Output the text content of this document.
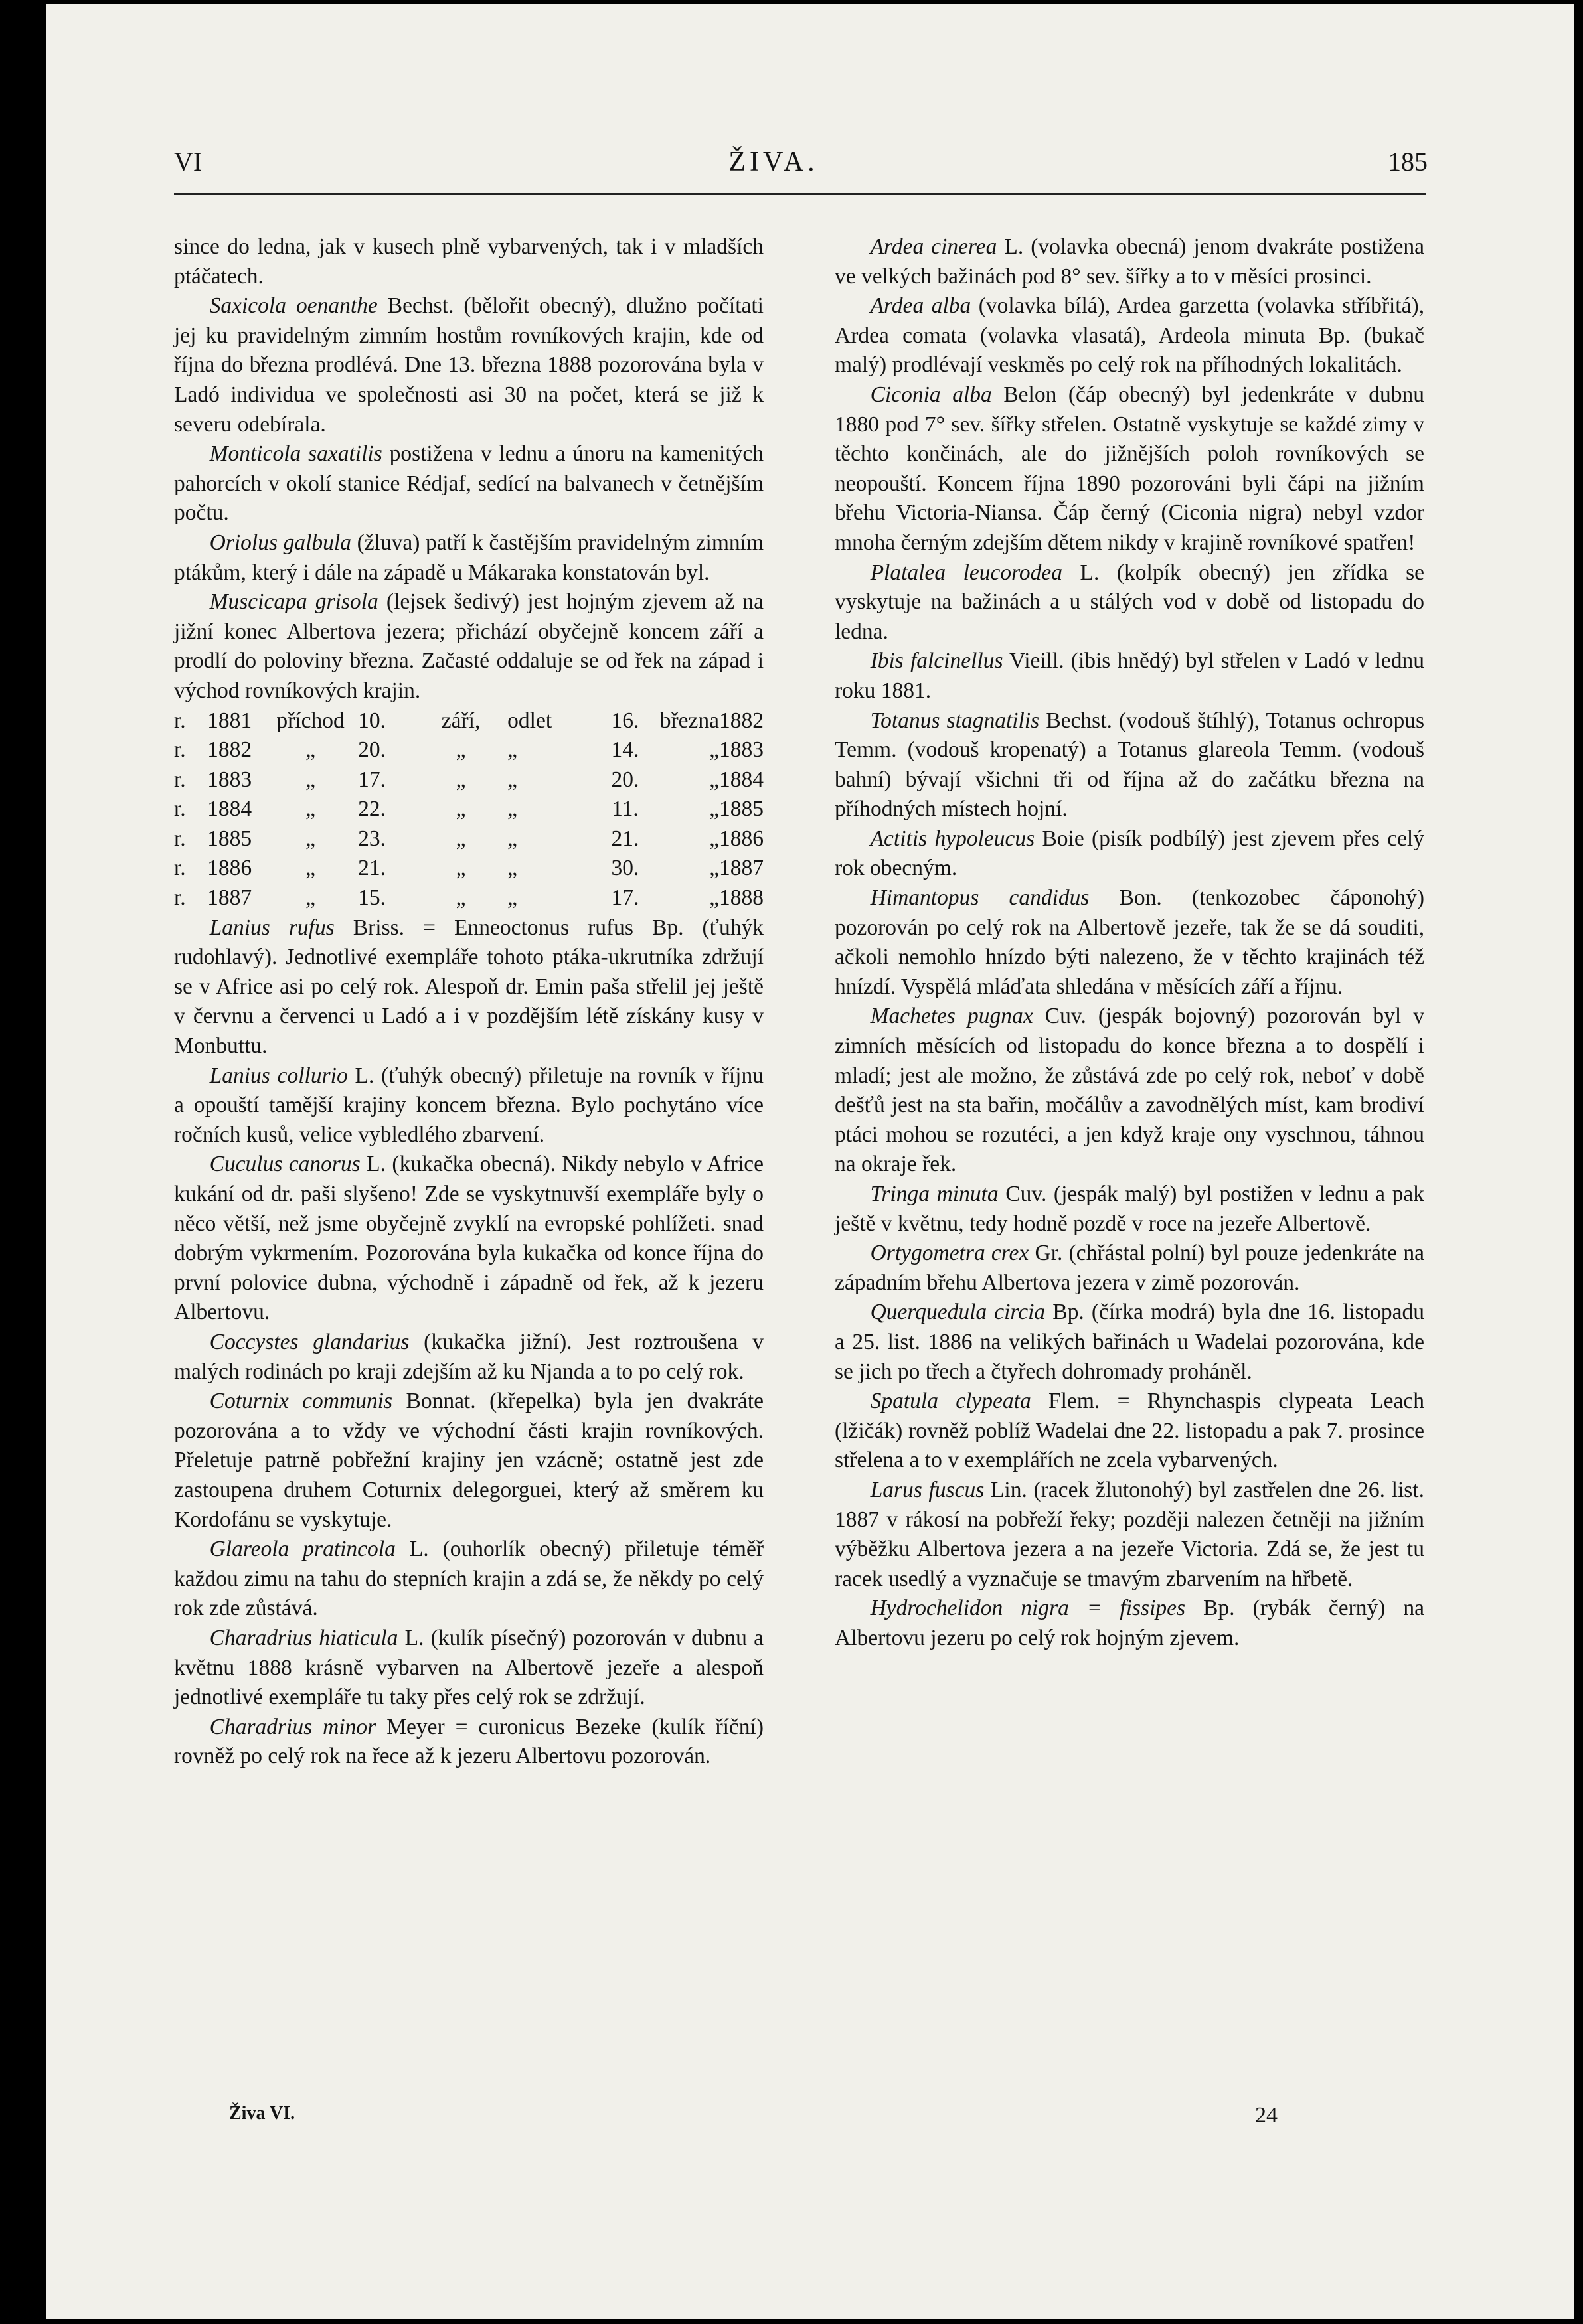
VI	ŽIVA.	185

since do ledna, jak v kusech plně vybarvených, tak i v mladších ptáčatech.

Saxicola oenanthe Bechst. (bělořit obecný), dlužno počítati jej ku pravidelným zimním hostům rovníkových krajin, kde od října do března prodlévá. Dne 13. března 1888 pozorována byla v Ladó individua ve společnosti asi 30 na počet, která se již k severu odebírala.

Monticola saxatilis postižena v lednu a únoru na kamenitých pahorcích v okolí stanice Rédjaf, sedící na balvanech v četnějším počtu.

Oriolus galbula (žluva) patří k častějším pravidelným zimním ptákům, který i dále na západě u Mákaraka konstatován byl.

Muscicapa grisola (lejsek šedivý) jest hojným zjevem až na jižní konec Albertova jezera; přichází obyčejně koncem září a prodlí do poloviny března. Začasté oddaluje se od řek na západ i východ rovníkových krajin.

r.	1881	příchod	10.	září,	odlet	16.	března	1882
r.	1882	„	20.	„	„	14.	„	1883
r.	1883	„	17.	„	„	20.	„	1884
r.	1884	„	22.	„	„	11.	„	1885
r.	1885	„	23.	„	„	21.	„	1886
r.	1886	„	21.	„	„	30.	„	1887
r.	1887	„	15.	„	„	17.	„	1888

Lanius rufus Briss. = Enneoctonus rufus Bp. (ťuhýk rudohlavý). Jednotlivé exempláře tohoto ptáka-ukrutníka zdržují se v Africe asi po celý rok. Alespoň dr. Emin paša střelil jej ještě v červnu a červenci u Ladó a i v pozdějším létě získány kusy v Monbuttu.

Lanius collurio L. (ťuhýk obecný) přiletuje na rovník v říjnu a opouští tamější krajiny koncem března. Bylo pochytáno více ročních kusů, velice vybledlého zbarvení.

Cuculus canorus L. (kukačka obecná). Nikdy nebylo v Africe kukání od dr. paši slyšeno! Zde se vyskytnuvší exempláře byly o něco větší, než jsme obyčejně zvyklí na evropské pohlížeti. snad dobrým vykrmením. Pozorována byla kukačka od konce října do první polovice dubna, východně i západně od řek, až k jezeru Albertovu.

Coccystes glandarius (kukačka jižní). Jest roztroušena v malých rodinách po kraji zdejším až ku Njanda a to po celý rok.

Coturnix communis Bonnat. (křepelka) byla jen dvakráte pozorována a to vždy ve východní části krajin rovníkových. Přeletuje patrně pobřežní krajiny jen vzácně; ostatně jest zde zastoupena druhem Coturnix delegorguei, který až směrem ku Kordofánu se vyskytuje.

Glareola pratincola L. (ouhorlík obecný) přiletuje téměř každou zimu na tahu do stepních krajin a zdá se, že někdy po celý rok zde zůstává.

Charadrius hiaticula L. (kulík písečný) pozorován v dubnu a květnu 1888 krásně vybarven na Albertově jezeře a alespoň jednotlivé exempláře tu taky přes celý rok se zdržují.

Charadrius minor Meyer = curonicus Bezeke (kulík říční) rovněž po celý rok na řece až k jezeru Albertovu pozorován.

Ardea cinerea L. (volavka obecná) jenom dvakráte postižena ve velkých bažinách pod 8° sev. šířky a to v měsíci prosinci.

Ardea alba (volavka bílá), Ardea garzetta (volavka stříbřitá), Ardea comata (volavka vlasatá), Ardeola minuta Bp. (bukač malý) prodlévají veskměs po celý rok na příhodných lokalitách.

Ciconia alba Belon (čáp obecný) byl jedenkráte v dubnu 1880 pod 7° sev. šířky střelen. Ostatně vyskytuje se každé zimy v těchto končinách, ale do jižnějších poloh rovníkových se neopouští. Koncem října 1890 pozorováni byli čápi na jižním břehu Victoria-Niansa. Čáp černý (Ciconia nigra) nebyl vzdor mnoha černým zdejším dětem nikdy v krajině rovníkové spatřen!

Platalea leucorodea L. (kolpík obecný) jen zřídka se vyskytuje na bažinách a u stálých vod v době od listopadu do ledna.

Ibis falcinellus Vieill. (ibis hnědý) byl střelen v Ladó v lednu roku 1881.

Totanus stagnatilis Bechst. (vodouš štíhlý), Totanus ochropus Temm. (vodouš kropenatý) a Totanus glareola Temm. (vodouš bahní) bývají všichni tři od října až do začátku března na příhodných místech hojní.

Actitis hypoleucus Boie (pisík podbílý) jest zjevem přes celý rok obecným.

Himantopus candidus Bon. (tenkozobec čáponohý) pozorován po celý rok na Albertově jezeře, tak že se dá souditi, ačkoli nemohlo hnízdo býti nalezeno, že v těchto krajinách též hnízdí. Vyspělá mláďata shledána v měsících září a říjnu.

Machetes pugnax Cuv. (jespák bojovný) pozorován byl v zimních měsících od listopadu do konce března a to dospělí i mladí; jest ale možno, že zůstává zde po celý rok, neboť v době dešťů jest na sta bařin, močálův a zavodnělých míst, kam brodiví ptáci mohou se rozutéci, a jen když kraje ony vyschnou, táhnou na okraje řek.

Tringa minuta Cuv. (jespák malý) byl postižen v lednu a pak ještě v květnu, tedy hodně pozdě v roce na jezeře Albertově.

Ortygometra crex Gr. (chřástal polní) byl pouze jedenkráte na západním břehu Albertova jezera v zimě pozorován.

Querquedula circia Bp. (čírka modrá) byla dne 16. listopadu a 25. list. 1886 na velikých bařinách u Wadelai pozorována, kde se jich po třech a čtyřech dohromady proháněl.

Spatula clypeata Flem. = Rhynchaspis clypeata Leach (lžičák) rovněž poblíž Wadelai dne 22. listopadu a pak 7. prosince střelena a to v exemplářích ne zcela vybarvených.

Larus fuscus Lin. (racek žlutonohý) byl zastřelen dne 26. list. 1887 v rákosí na pobřeží řeky; později nalezen četněji na jižním výběžku Albertova jezera a na jezeře Victoria. Zdá se, že jest tu racek usedlý a vyznačuje se tmavým zbarvením na hřbetě.

Hydrochelidon nigra = fissipes Bp. (rybák černý) na Albertovu jezeru po celý rok hojným zjevem.

Živa VI.	24
